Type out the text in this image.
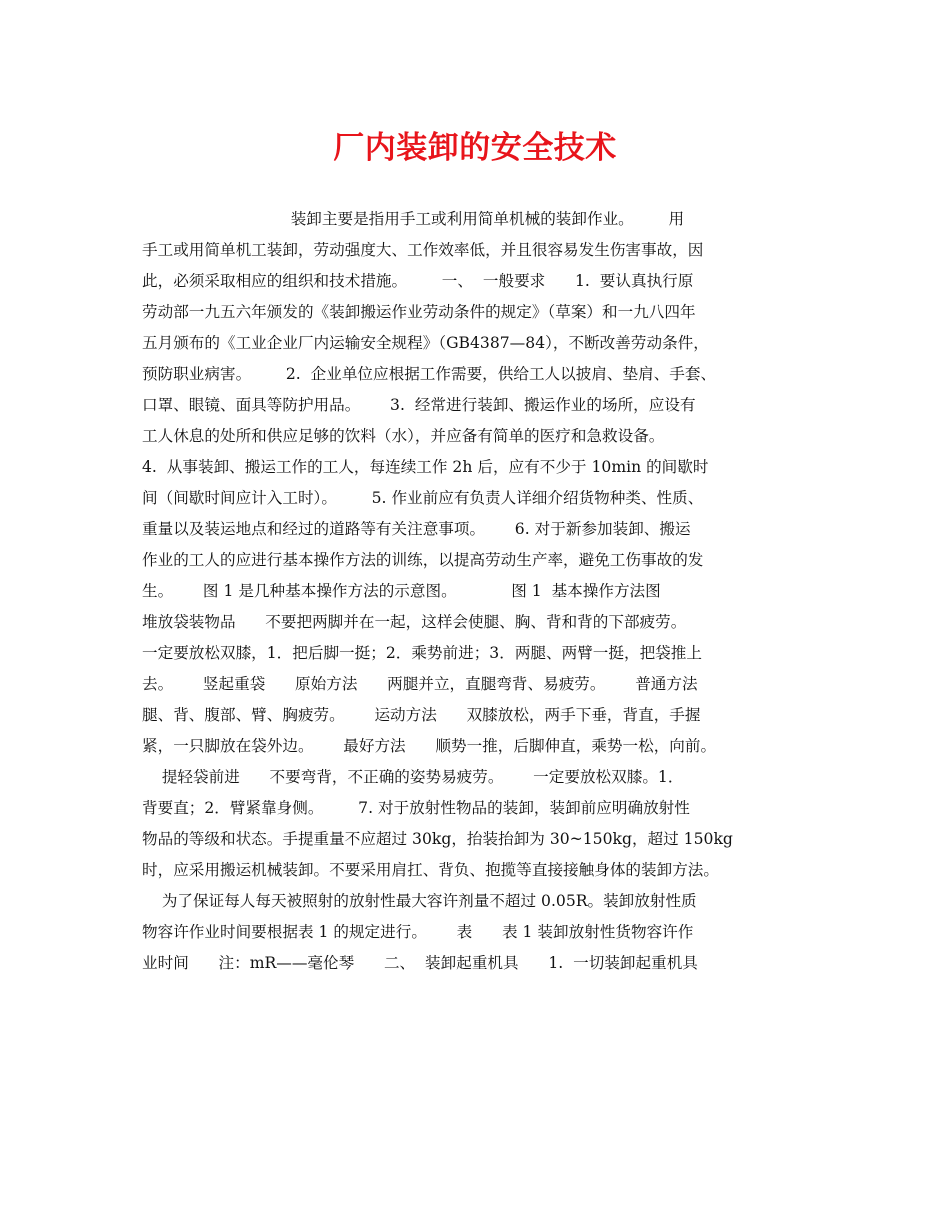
厂内装卸的安全技术
装卸主要是指用手工或利用简单机械的装卸作业。       用
手工或用简单机工装卸，劳动强度大、工作效率低，并且很容易发生伤害事故，因
此，必须采取相应的组织和技术措施。       一、  一般要求      1.  要认真执行原
劳动部一九五六年颁发的《装卸搬运作业劳动条件的规定》（草案）和一九八四年
五月颁布的《工业企业厂内运输安全规程》（GB4387—84），不断改善劳动条件，
预防职业病害。       2.  企业单位应根据工作需要，供给工人以披肩、垫肩、手套、
口罩、眼镜、面具等防护用品。      3.  经常进行装卸、搬运作业的场所，应设有
工人休息的处所和供应足够的饮料（水），并应备有简单的医疗和急救设备。
4.  从事装卸、搬运工作的工人，每连续工作 2h 后，应有不少于 10min 的间歇时
间（间歇时间应计入工时）。       5. 作业前应有负责人详细介绍货物种类、性质、
重量以及装运地点和经过的道路等有关注意事项。      6. 对于新参加装卸、搬运
作业的工人的应进行基本操作方法的训练，以提高劳动生产率，避免工伤事故的发
生。      图 1 是几种基本操作方法的示意图。           图 1  基本操作方法图
堆放袋装物品      不要把两脚并在一起，这样会使腿、胸、背和背的下部疲劳。
一定要放松双膝，1．把后脚一挺；2．乘势前进；3．两腿、两臂一挺，把袋推上
去。      竖起重袋      原始方法      两腿并立，直腿弯背、易疲劳。      普通方法
腿、背、腹部、臂、胸疲劳。      运动方法      双膝放松，两手下垂，背直，手握
紧，一只脚放在袋外边。      最好方法      顺势一推，后脚伸直，乘势一松，向前。
提轻袋前进      不要弯背，不正确的姿势易疲劳。      一定要放松双膝。1．
背要直；2．臂紧靠身侧。       7. 对于放射性物品的装卸，装卸前应明确放射性
物品的等级和状态。手提重量不应超过 30kg，抬装抬卸为 30~150kg，超过 150kg
时，应采用搬运机械装卸。不要采用肩扛、背负、抱揽等直接接触身体的装卸方法。
为了保证每人每天被照射的放射性最大容许剂量不超过 0.05R。装卸放射性质
物容许作业时间要根据表 1 的规定进行。      表      表 1 装卸放射性货物容许作
业时间      注：mR——毫伦琴      二、  装卸起重机具      1.  一切装卸起重机具
